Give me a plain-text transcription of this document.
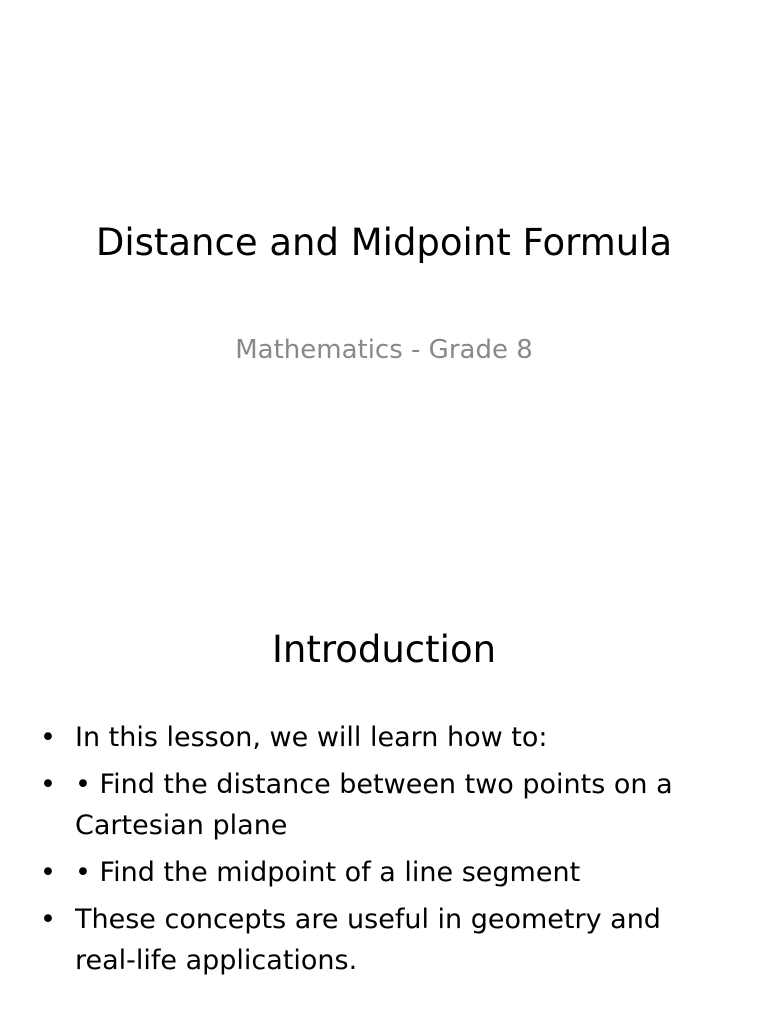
Distance and Midpoint Formula
Mathematics - Grade 8
Introduction
• In this lesson, we will learn how to:
• • Find the distance between two points on a Cartesian plane
• • Find the midpoint of a line segment
• These concepts are useful in geometry and real-life applications.
